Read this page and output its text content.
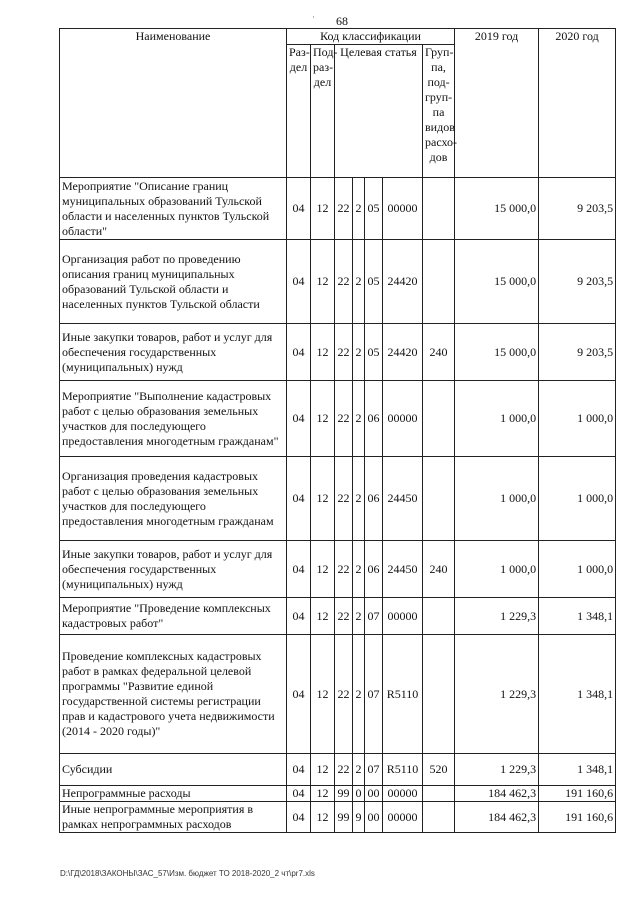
·	68
Наименование	Код классификации							2019 год	2020 год
	Раз-дел	Под-раз-дел	Целевая статья				Груп-па, под-груп-па видов расхо-дов		
Мероприятие "Описание границ муниципальных образований Тульской области и населенных пунктов Тульской области"	04	12	22	2	05	00000		15 000,0	9 203,5
Организация работ по проведению описания границ муниципальных образований Тульской области и населенных пунктов Тульской области	04	12	22	2	05	24420		15 000,0	9 203,5
Иные закупки товаров, работ и услуг для обеспечения государственных (муниципальных) нужд	04	12	22	2	05	24420	240	15 000,0	9 203,5
Мероприятие "Выполнение кадастровых работ с целью образования земельных участков для последующего предоставления многодетным гражданам"	04	12	22	2	06	00000		1 000,0	1 000,0
Организация проведения кадастровых работ с целью образования земельных участков для последующего предоставления многодетным гражданам	04	12	22	2	06	24450		1 000,0	1 000,0
Иные закупки товаров, работ и услуг для обеспечения государственных (муниципальных) нужд	04	12	22	2	06	24450	240	1 000,0	1 000,0
Мероприятие "Проведение комплексных кадастровых работ"	04	12	22	2	07	00000		1 229,3	1 348,1
Проведение комплексных кадастровых работ в рамках федеральной целевой программы "Развитие единой государственной системы регистрации прав и кадастрового учета недвижимости (2014 - 2020 годы)"	04	12	22	2	07	R5110		1 229,3	1 348,1
Субсидии	04	12	22	2	07	R5110	520	1 229,3	1 348,1
Непрограммные расходы	04	12	99	0	00	00000		184 462,3	191 160,6
Иные непрограммные мероприятия в рамках непрограммных расходов	04	12	99	9	00	00000		184 462,3	191 160,6
D:\ГД\2018\ЗАКОНЫ\ЗАС_57\Изм. бюджет ТО 2018-2020_2 чт\pr7.xls
